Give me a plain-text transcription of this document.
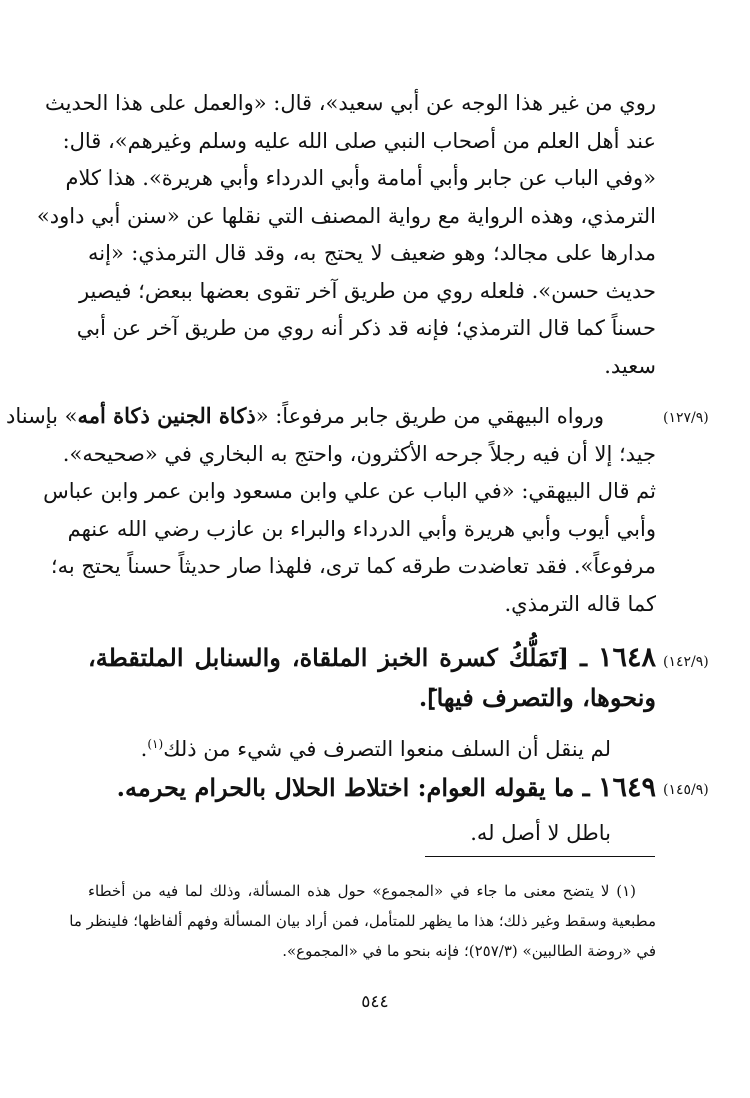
روي من غير هذا الوجه عن أبي سعيد»، قال: «والعمل على هذا الحديث
عند أهل العلم من أصحاب النبي صلى الله عليه وسلم وغيرهم»، قال:
«وفي الباب عن جابر وأبي أمامة وأبي الدرداء وأبي هريرة». هذا كلام
الترمذي، وهذه الرواية مع رواية المصنف التي نقلها عن «سنن أبي داود»
مدارها على مجالد؛ وهو ضعيف لا يحتج به، وقد قال الترمذي: «إنه
حديث حسن». فلعله روي من طريق آخر تقوى بعضها ببعض؛ فيصير
حسناً كما قال الترمذي؛ فإنه قد ذكر أنه روي من طريق آخر عن أبي
سعيد.
(١٢٧/٩)
ورواه البيهقي من طريق جابر مرفوعاً: «ذكاة الجنين ذكاة أمه» بإسناد
جيد؛ إلا أن فيه رجلاً جرحه الأكثرون، واحتج به البخاري في «صحيحه».
ثم قال البيهقي: «في الباب عن علي وابن مسعود وابن عمر وابن عباس
وأبي أيوب وأبي هريرة وأبي الدرداء والبراء بن عازب رضي الله عنهم
مرفوعاً». فقد تعاضدت طرقه كما ترى، فلهذا صار حديثاً حسناً يحتج به؛
كما قاله الترمذي.
(١٤٢/٩)
١٦٤٨ ـ [تَمَلُّكُ كسرة الخبز الملقاة، والسنابل الملتقطة،
ونحوها، والتصرف فيها]َ.
لم ينقل أن السلف منعوا التصرف في شيء من ذلك$^{(١)}$.
(١٤٥/٩)
١٦٤٩ ـ ما يقوله العوام: اختلاط الحلال بالحرام يحرمه.
باطل لا أصل له.
(١) لا يتضح معنى ما جاء في «المجموع» حول هذه المسألة، وذلك لما فيه من أخطاء
مطبعية وسقط وغير ذلك؛ هذا ما يظهر للمتأمل، فمن أراد بيان المسألة وفهم ألفاظها؛ فلينظر ما
في «روضة الطالبين» (٢٥٧/٣)؛ فإنه بنحو ما في «المجموع».
٥٤٤
